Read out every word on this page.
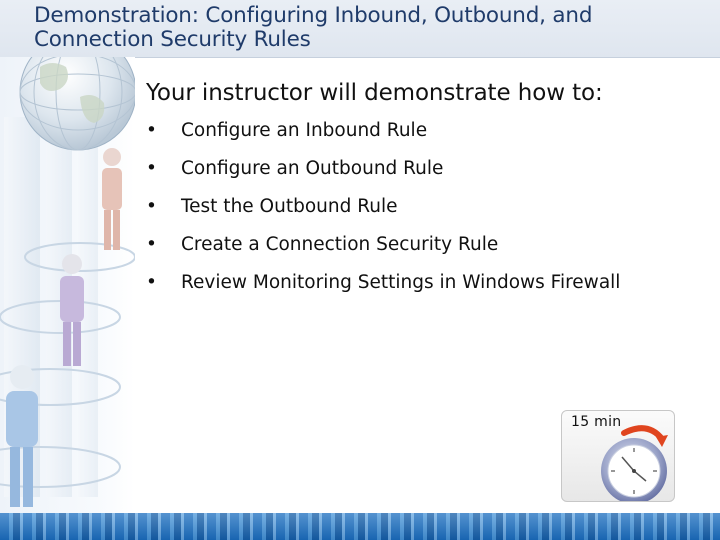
Demonstration: Configuring Inbound, Outbound, and Connection Security Rules
Your instructor will demonstrate how to:
• Configure an Inbound Rule
• Configure an Outbound Rule
• Test the Outbound Rule
• Create a Connection Security Rule
• Review Monitoring Settings in Windows Firewall
15 min
